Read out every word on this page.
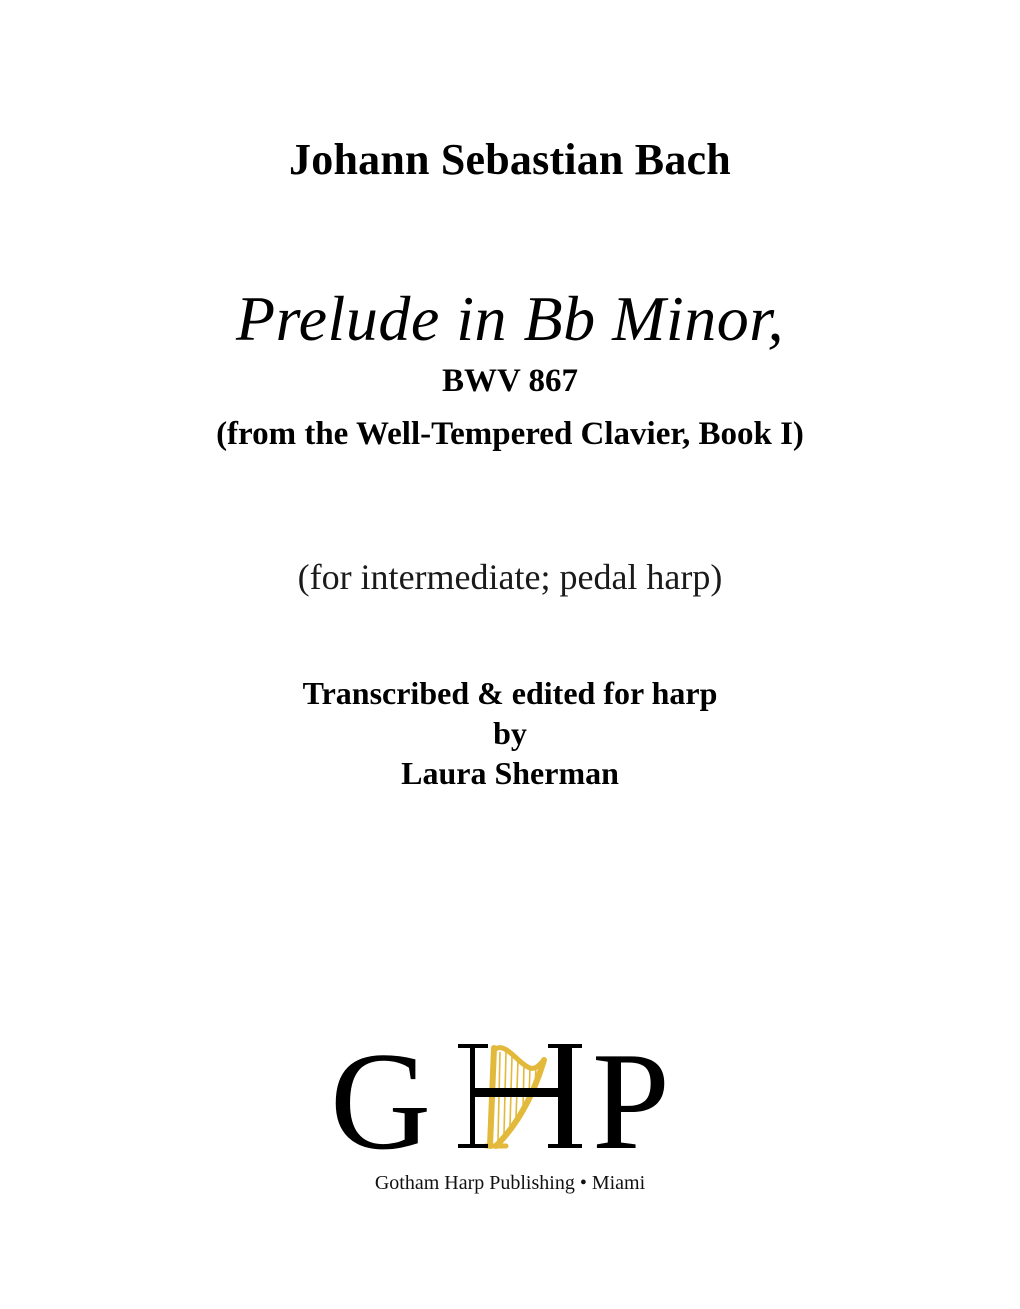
Johann Sebastian Bach
Prelude in Bb Minor,
BWV 867
(from the Well-Tempered Clavier, Book I)
(for intermediate; pedal harp)
Transcribed & edited for harp
by
Laura Sherman
G P
Gotham Harp Publishing • Miami
